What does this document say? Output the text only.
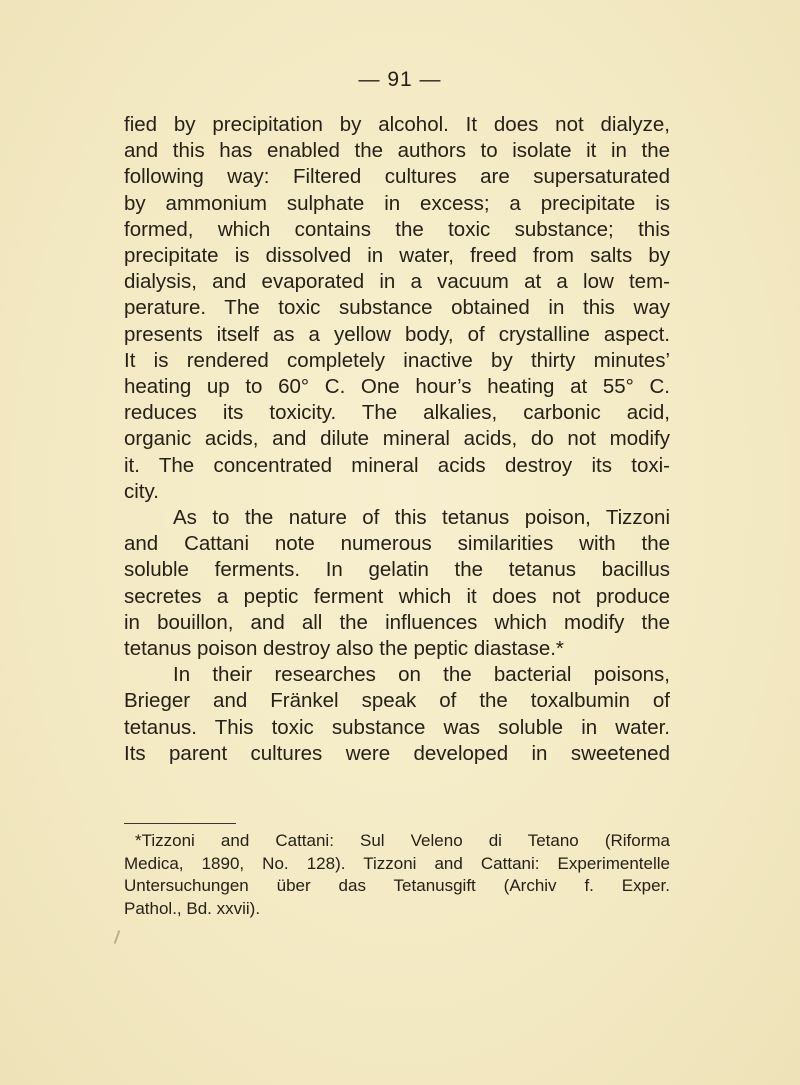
— 91 —

fied by precipitation by alcohol. It does not dialyze,

and this has enabled the authors to isolate it in the

following way: Filtered cultures are supersaturated

by ammonium sulphate in excess; a precipitate is

formed, which contains the toxic substance; this

precipitate is dissolved in water, freed from salts by

dialysis, and evaporated in a vacuum at a low tem-

perature. The toxic substance obtained in this way

presents itself as a yellow body, of crystalline aspect.

It is rendered completely inactive by thirty minutes’

heating up to 60° C. One hour’s heating at 55° C.

reduces its toxicity. The alkalies, carbonic acid,

organic acids, and dilute mineral acids, do not modify

it. The concentrated mineral acids destroy its toxi-

city.

As to the nature of this tetanus poison, Tizzoni

and Cattani note numerous similarities with the

soluble ferments. In gelatin the tetanus bacillus

secretes a peptic ferment which it does not produce

in bouillon, and all the influences which modify the

tetanus poison destroy also the peptic diastase.*

In their researches on the bacterial poisons,

Brieger and Fränkel speak of the toxalbumin of

tetanus. This toxic substance was soluble in water.

Its parent cultures were developed in sweetened

*Tizzoni and Cattani: Sul Veleno di Tetano (Riforma

Medica, 1890, No. 128). Tizzoni and Cattani: Experimentelle

Untersuchungen über das Tetanusgift (Archiv f. Exper.

Pathol., Bd. xxvii).
